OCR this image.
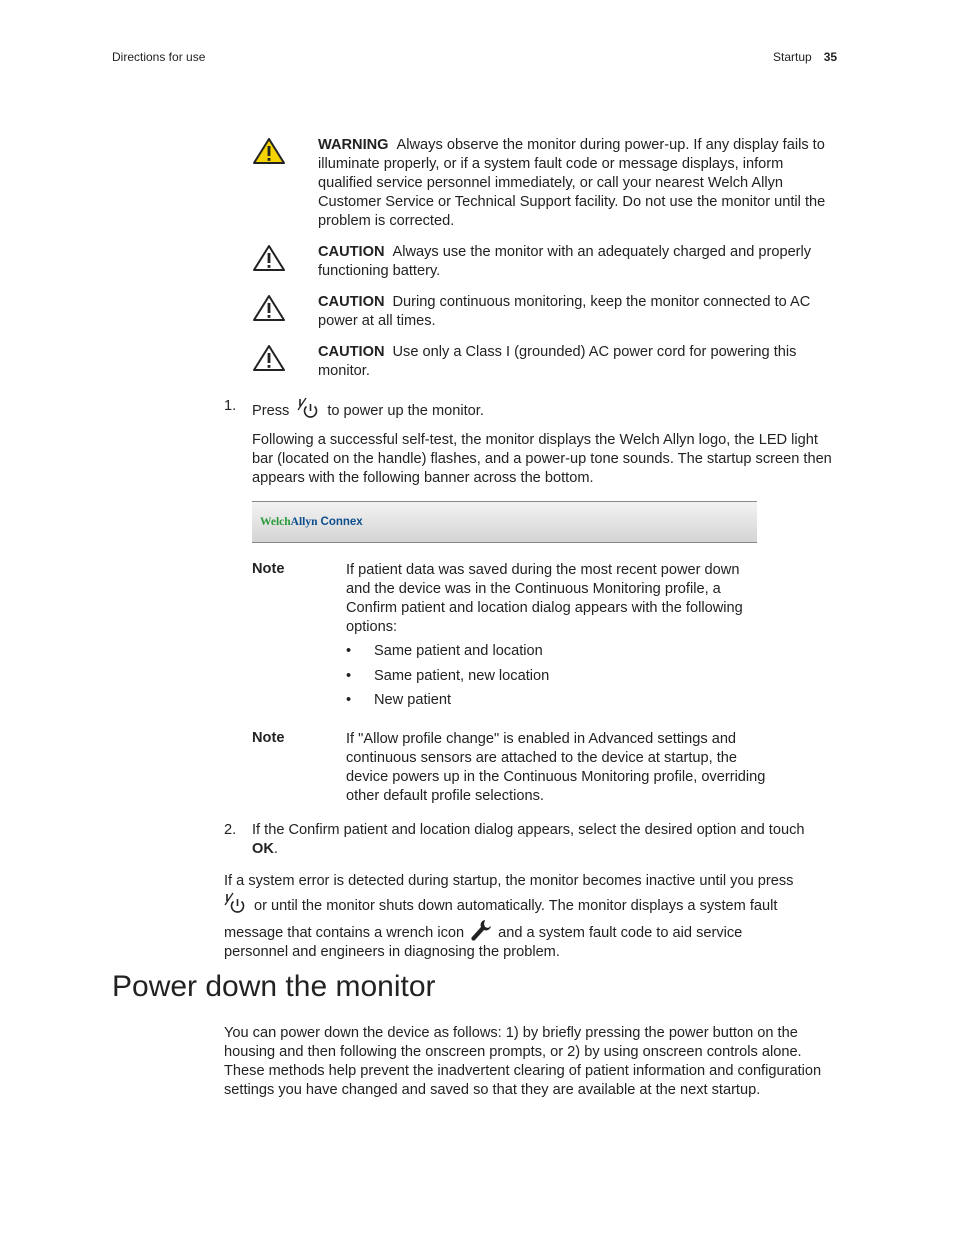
Directions for use	Startup 35
WARNING Always observe the monitor during power-up. If any display fails to illuminate properly, or if a system fault code or message displays, inform qualified service personnel immediately, or call your nearest Welch Allyn Customer Service or Technical Support facility. Do not use the monitor until the problem is corrected.
CAUTION Always use the monitor with an adequately charged and properly functioning battery.
CAUTION During continuous monitoring, keep the monitor connected to AC power at all times.
CAUTION Use only a Class I (grounded) AC power cord for powering this monitor.
1. Press	to power up the monitor.
Following a successful self-test, the monitor displays the Welch Allyn logo, the LED light bar (located on the handle) flashes, and a power-up tone sounds. The startup screen then appears with the following banner across the bottom.
WelchAllyn Connex
Note	If patient data was saved during the most recent power down and the device was in the Continuous Monitoring profile, a Confirm patient and location dialog appears with the following options:
•	Same patient and location
•	Same patient, new location
•	New patient
Note	If "Allow profile change" is enabled in Advanced settings and continuous sensors are attached to the device at startup, the device powers up in the Continuous Monitoring profile, overriding other default profile selections.
2. If the Confirm patient and location dialog appears, select the desired option and touch OK.
If a system error is detected during startup, the monitor becomes inactive until you press
or until the monitor shuts down automatically. The monitor displays a system fault
message that contains a wrench icon and a system fault code to aid service
personnel and engineers in diagnosing the problem.
Power down the monitor
You can power down the device as follows: 1) by briefly pressing the power button on the housing and then following the onscreen prompts, or 2) by using onscreen controls alone. These methods help prevent the inadvertent clearing of patient information and configuration settings you have changed and saved so that they are available at the next startup.
